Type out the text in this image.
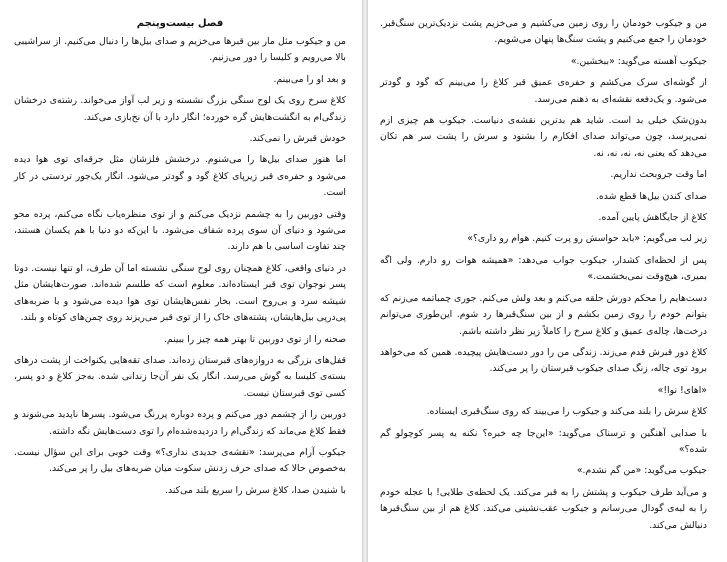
فصل بیست‌وپنجم

من و جیکوب مثل مار بین قبرها می‌خزیم و صدای بیل‌ها را دنبال می‌کنیم. از سراشیبی بالا می‌رویم و کلیسا را دور می‌زنیم.

و بعد او را می‌بینم.

کلاغ سرخ روی یک لوح سنگی بزرگ نشسته و زیر لب آواز می‌خواند. رشته‌ی درخشان زندگی‌ام به انگشت‌هایش گره خورده؛ انگار دارد با آن نخ‌بازی می‌کند.

خودش قبرش را نمی‌کند.

اما هنوز صدای بیل‌ها را می‌شنوم. درخشش فلزشان مثل جرقه‌ای توی هوا دیده می‌شود و حفره‌ی قبر زیرپای کلاغ گود و گودتر می‌شود. انگار یک‌جور تردستی در کار است.

وقتی دوربین را به چشمم نزدیک می‌کنم و از توی منظره‌یاب نگاه می‌کنم، پرده محو می‌شود و دنیای آن سوی پرده شفاف می‌شود. با این‌که دو دنیا با هم یکسان هستند، چند تفاوت اساسی با هم دارند.

در دنیای واقعی، کلاغ همچنان روی لوح سنگی نشسته اما آن طرف، او تنها نیست. دوتا پسر نوجوان توی قبر ایستاده‌اند. معلوم است که طلسم شده‌اند. صورت‌هایشان مثل شیشه سرد و بی‌روح است. بخار نفس‌هایشان توی هوا دیده می‌شود و با ضربه‌های پی‌درپی بیل‌هایشان، پشته‌های خاک را از توی قبر می‌ریزند روی چمن‌های کوتاه و بلند.

صحنه را از توی دوربین تا بهتر همه چیز را ببینم.

قفل‌های بزرگی به دروازه‌های قبرستان زده‌اند. صدای تقه‌هایی یکنواخت از پشت درهای بسته‌ی کلیسا به گوش می‌رسد. انگار یک نفر آن‌جا زندانی شده. به‌جز کلاغ و دو پسر، کسی توی قبرستان نیست.

دوربین را از چشمم دور می‌کنم و پرده دوباره پررنگ می‌شود. پسرها ناپدید می‌شوند و فقط کلاغ می‌ماند که زندگی‌ام را دزدیده‌شده‌ام را توی دست‌هایش نگه داشته.

جیکوب آرام می‌پرسد: «نقشه‌ی جدیدی نداری؟» وقت خوبی برای این سؤال نیست. به‌خصوص حالا که صدای حرف زدنش سکوت میان ضربه‌های بیل را پر می‌کند.

با شنیدن صدا، کلاغ سرش را سریع بلند می‌کند.

من و جیکوب خودمان را روی زمین می‌کشیم و می‌خزیم پشت نزدیک‌ترین سنگ‌قبر. خودمان را جمع می‌کنیم و پشت سنگ‌ها پنهان می‌شویم.

جیکوب آهسته می‌گوید: «ببخشین.»

از گوشه‌ای سرک می‌کشم و حفره‌ی عمیق قبر کلاغ را می‌بینم که گود و گودتر می‌شود. و یک‌دفعه نقشه‌ای به ذهنم می‌رسد.

بدون‌شک خیلی بد است. شاید هم بدترین نقشه‌ی دنیاست. جیکوب هم چیزی ازم نمی‌پرسد، چون می‌تواند صدای افکارم را بشنود و سرش را پشت سر هم تکان می‌دهد که یعنی نه، نه، نه، نه.

اما وقت جروبحث نداریم.

صدای کندن بیل‌ها قطع شده.

کلاغ از جایگاهش پایین آمده.

زیر لب می‌گویم: «باید حواسش رو پرت کنیم. هوام رو داری؟»

پس از لحظه‌ای کشدار، جیکوب جواب می‌دهد: «همیشه هوات رو دارم. ولی اگه بمیری، هیچ‌وقت نمی‌بخشمت.»

دست‌هایم را محکم دورش حلقه می‌کنم و بعد ولش می‌کنم. جوری چمباتمه می‌زنم که بتوانم خودم را روی زمین بکشم و از بین سنگ‌قبرها رد شوم. این‌طوری می‌توانم درخت‌ها، چاله‌ی عمیق و کلاغ سرخ را کاملاً زیر نظر داشته باشم.

کلاغ دور قبرش قدم می‌زند. زندگی من را دور دست‌هایش پیچیده. همین که می‌خواهد برود توی چاله، زنگ صدای جیکوب قبرستان را پر می‌کند.

«اهای! نوا!»

کلاغ سرش را بلند می‌کند و جیکوب را می‌بیند که روی سنگ‌قبری ایستاده.

با صدایی آهنگین و ترسناک می‌گوید: «این‌جا چه خبره؟ نکنه یه پسر کوچولو گم شده؟»

جیکوب می‌گوید: «من گم نشدم.»

و می‌آید طرف جیکوب و پشتش را به قبر می‌کند. یک لحظه‌ی طلایی! با عجله خودم را به لبه‌ی گودال می‌رسانم و جیکوب عقب‌نشینی می‌کند. کلاغ هم از بین سنگ‌قبرها دنبالش می‌کند.
